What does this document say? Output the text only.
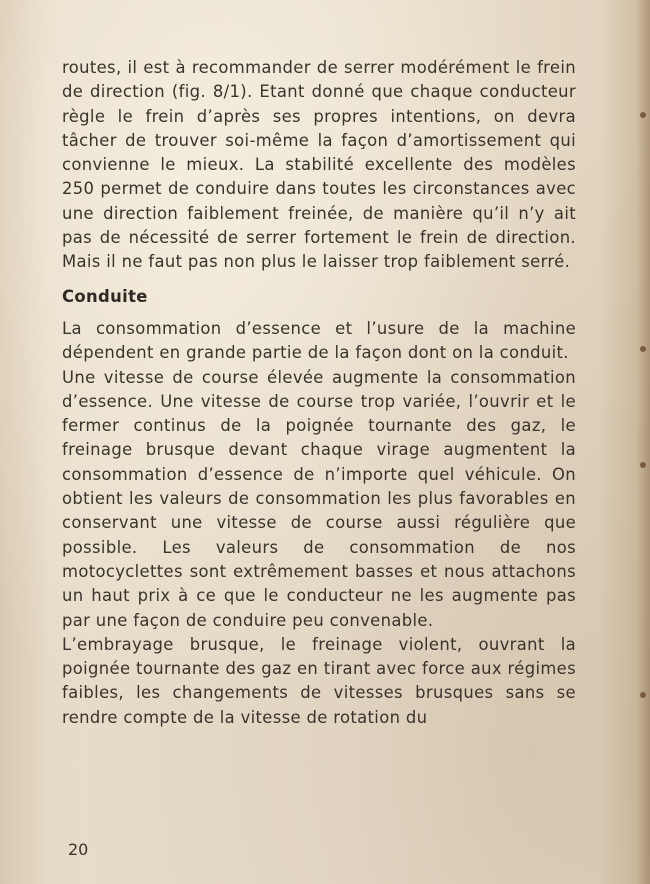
routes, il est à recommander de serrer modérément le frein de direction (fig. 8/1). Etant donné que chaque conducteur règle le frein d’après ses propres intentions, on devra tâcher de trouver soi-même la façon d’amortissement qui convienne le mieux. La stabilité excellente des modèles 250 permet de conduire dans toutes les circonstances avec une direction faiblement freinée, de manière qu’il n’y ait pas de nécessité de serrer fortement le frein de direction. Mais il ne faut pas non plus le laisser trop faiblement serré.

Conduite

La consommation d’essence et l’usure de la machine dépendent en grande partie de la façon dont on la conduit.

Une vitesse de course élevée augmente la consommation d’essence. Une vitesse de course trop variée, l’ouvrir et le fermer continus de la poignée tournante des gaz, le freinage brusque devant chaque virage augmentent la consommation d’essence de n’importe quel véhicule. On obtient les valeurs de consommation les plus favorables en conservant une vitesse de course aussi régulière que possible. Les valeurs de consommation de nos motocyclettes sont extrêmement basses et nous attachons un haut prix à ce que le conducteur ne les augmente pas par une façon de conduire peu convenable.

L’embrayage brusque, le freinage violent, ouvrant la poignée tournante des gaz en tirant avec force aux régimes faibles, les changements de vitesses brusques sans se rendre compte de la vitesse de rotation du

20
